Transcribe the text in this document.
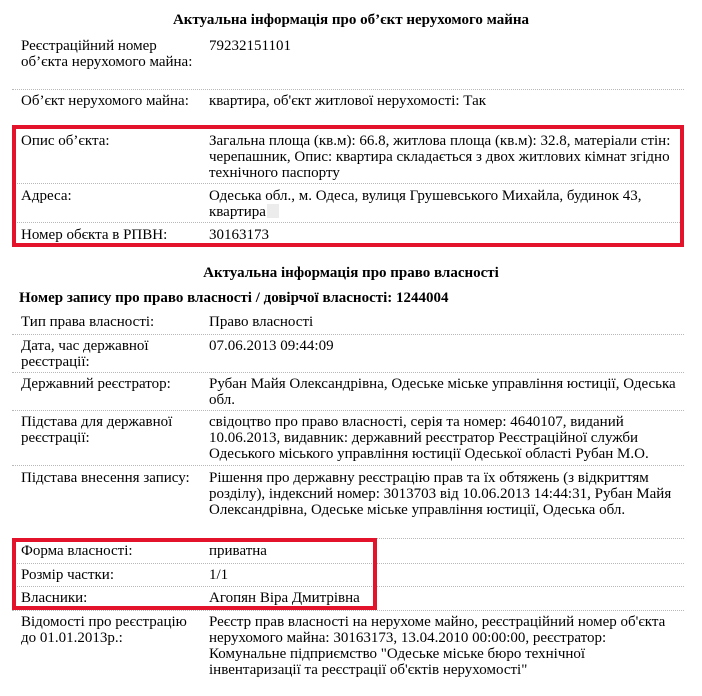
Актуальна інформація про об’єкт нерухомого майна
Реєстраційний номер об’єкта нерухомого майна:
79232151101
Об’єкт нерухомого майна:	квартира, об'єкт житлової нерухомості: Так
Опис об’єкта:	Загальна площа (кв.м): 66.8, житлова площа (кв.м): 32.8, матеріали стін: черепашник, Опис: квартира складається з двох житлових кімнат згідно технічного паспорту
Адреса:	Одеська обл., м. Одеса, вулиця Грушевського Михайла, будинок 43, квартира
Номер обєкта в РПВН:	30163173
Актуальна інформація про право власності
Номер запису про право власності / довірчої власності: 1244004
Тип права власності:	Право власності
Дата, час державної реєстрації:
07.06.2013 09:44:09
Державний реєстратор:	Рубан Майя Олександрівна, Одеське міське управління юстиції, Одеська обл.
Підстава для державної реєстрації:
свідоцтво про право власності, серія та номер: 4640107, виданий 10.06.2013, видавник: державний реєстратор Реєстраційної служби Одеського міського управління юстиції Одеської області Рубан М.О.
Підстава внесення запису:	Рішення про державну реєстрацію прав та їх обтяжень (з відкриттям розділу), індексний номер: 3013703 від 10.06.2013 14:44:31, Рубан Майя Олександрівна, Одеське міське управління юстиції, Одеська обл.
Форма власності:	приватна
Розмір частки:	1/1
Власники:	Агопян Віра Дмитрівна
Відомості про реєстрацію до 01.01.2013р.:
Реєстр прав власності на нерухоме майно, реєстраційний номер об'єкта нерухомого майна: 30163173, 13.04.2010 00:00:00, реєстратор: Комунальне підприємство "Одеське міське бюро технічної інвентаризації та реєстрації об'єктів нерухомості"
